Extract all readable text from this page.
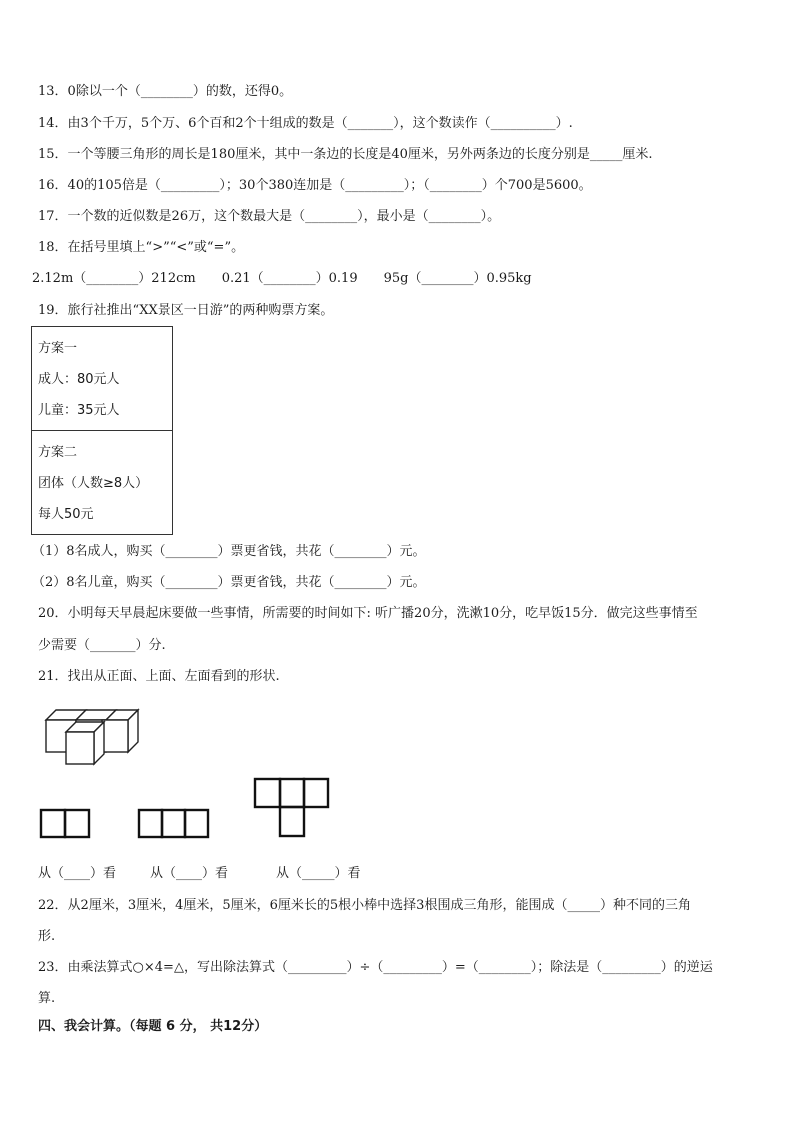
13．0除以一个（________）的数，还得0。
14．由3个千万，5个万、6个百和2个十组成的数是（_______），这个数读作（__________）.
15．一个等腰三角形的周长是180厘米，其中一条边的长度是40厘米，另外两条边的长度分别是_____厘米.
16．40的105倍是（_________）；30个380连加是（_________）；（________）个700是5600。
17．一个数的近似数是26万，这个数最大是（________），最小是（________）。
18．在括号里填上“>”“<”或“=”。
2.12m（________）212cm　　0.21（________）0.19　　95g（________）0.95kg
19．旅行社推出“XX景区一日游”的两种购票方案。
方案一
成人：80元人
儿童：35元人
方案二
团体（人数≥8人）
每人50元
（1）8名成人，购买（________）票更省钱，共花（________）元。
（2）8名儿童，购买（________）票更省钱，共花（________）元。
20．小明每天早晨起床要做一些事情，所需要的时间如下: 听广播20分，洗漱10分，吃早饭15分．做完这些事情至
少需要（_______）分.
21．找出从正面、上面、左面看到的形状.
从（____）看	从（____）看	从（_____）看
22．从2厘米，3厘米，4厘米，5厘米，6厘米长的5根小棒中选择3根围成三角形，能围成（_____）种不同的三角
形.
23．由乘法算式○×4=△，写出除法算式（_________）÷（_________）=（________）；除法是（_________）的逆运
算.
四、我会计算。（每题 6 分， 共12分）
